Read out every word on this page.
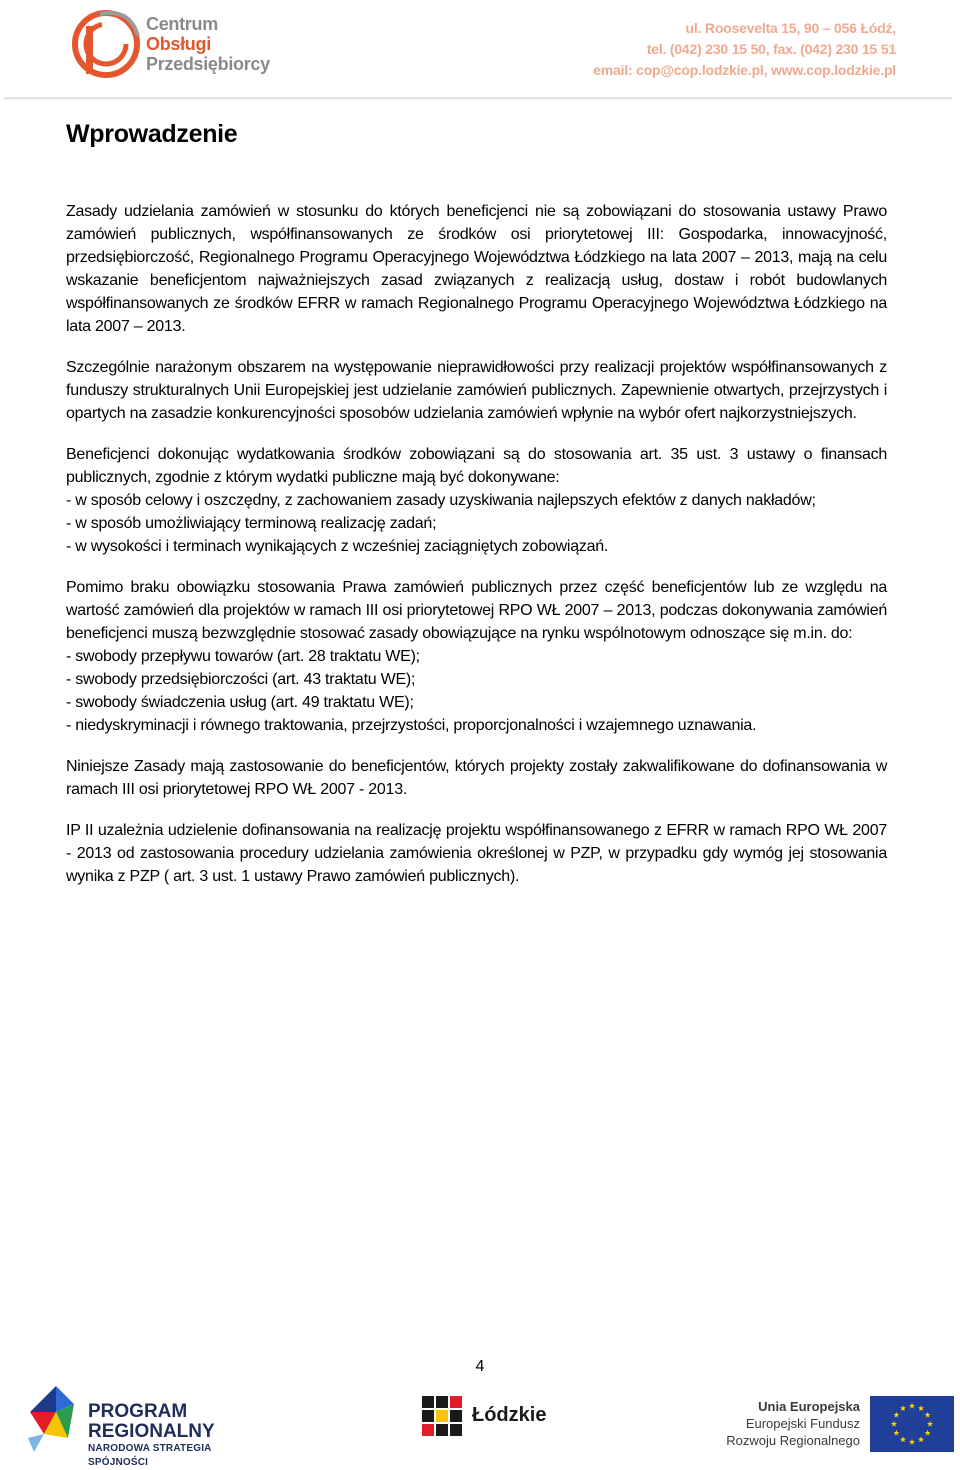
Centrum
Obsługi
Przedsiębiorcy
ul. Roosevelta 15, 90 – 056 Łódź,
tel. (042) 230 15 50, fax. (042) 230 15 51
email: cop@cop.lodzkie.pl, www.cop.lodzkie.pl
Wprowadzenie

Zasady udzielania zamówień w stosunku do których beneficjenci nie są zobowiązani do stosowania ustawy Prawo zamówień publicznych, współfinansowanych ze środków osi priorytetowej III: Gospodarka, innowacyjność, przedsiębiorczość, Regionalnego Programu Operacyjnego Województwa Łódzkiego na lata 2007 – 2013, mają na celu wskazanie beneficjentom najważniejszych zasad związanych z realizacją usług, dostaw i robót budowlanych współfinansowanych ze środków EFRR w ramach Regionalnego Programu Operacyjnego Województwa Łódzkiego na lata 2007 – 2013.

Szczególnie narażonym obszarem na występowanie nieprawidłowości przy realizacji projektów współfinansowanych z funduszy strukturalnych Unii Europejskiej jest udzielanie zamówień publicznych. Zapewnienie otwartych, przejrzystych i opartych na zasadzie konkurencyjności sposobów udzielania zamówień wpłynie na wybór ofert najkorzystniejszych.

Beneficjenci dokonując wydatkowania środków zobowiązani są do stosowania art. 35 ust. 3 ustawy o finansach publicznych, zgodnie z którym wydatki publiczne mają być dokonywane:
- w sposób celowy i oszczędny, z zachowaniem zasady uzyskiwania najlepszych efektów z danych nakładów;
- w sposób umożliwiający terminową realizację zadań;
- w wysokości i terminach wynikających z wcześniej zaciągniętych zobowiązań.

Pomimo braku obowiązku stosowania Prawa zamówień publicznych przez część beneficjentów lub ze względu na wartość zamówień dla projektów w ramach III osi priorytetowej RPO WŁ 2007 – 2013, podczas dokonywania zamówień beneficjenci muszą bezwzględnie stosować zasady obowiązujące na rynku wspólnotowym odnoszące się m.in. do:
- swobody przepływu towarów (art. 28 traktatu WE);
- swobody przedsiębiorczości (art. 43 traktatu WE);
- swobody świadczenia usług (art. 49 traktatu WE);
- niedyskryminacji i równego traktowania, przejrzystości, proporcjonalności i wzajemnego uznawania.

Niniejsze Zasady mają zastosowanie do beneficjentów, których projekty zostały zakwalifikowane do dofinansowania w ramach III osi priorytetowej RPO WŁ 2007 - 2013.

IP II uzależnia udzielenie dofinansowania na realizację projektu współfinansowanego z EFRR w ramach RPO WŁ 2007 - 2013 od zastosowania procedury udzielania zamówienia określonej w PZP, w przypadku gdy wymóg jej stosowania wynika z PZP ( art. 3 ust. 1 ustawy Prawo zamówień publicznych).

4
PROGRAM
REGIONALNY
NARODOWA STRATEGIA SPÓJNOŚCI
Łódzkie	Unia Europejska
Europejski Fundusz
Rozwoju Regionalnego
